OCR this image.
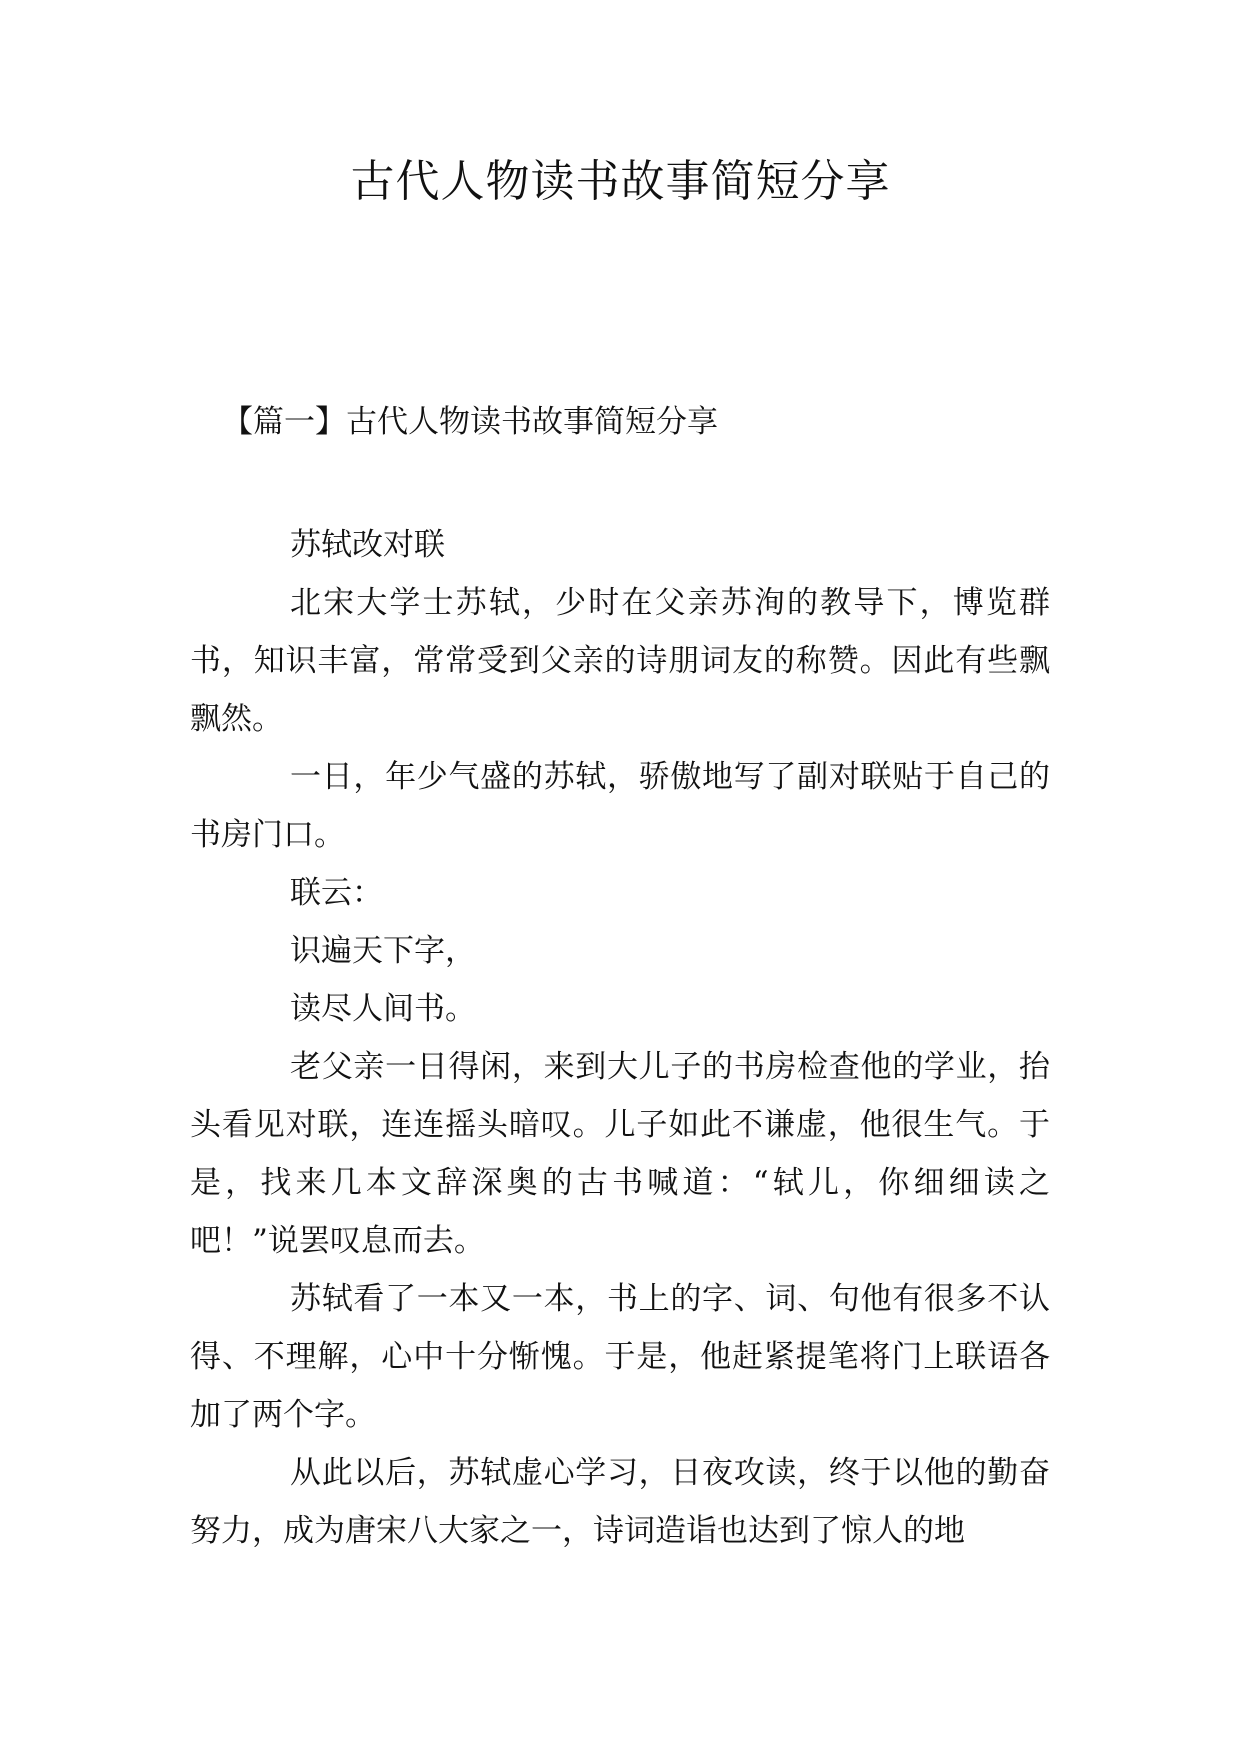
古代人物读书故事简短分享
【篇一】古代人物读书故事简短分享

苏轼改对联

北宋大学士苏轼，少时在父亲苏洵的教导下，博览群书，知识丰富，常常受到父亲的诗朋词友的称赞。因此有些飘飘然。

一日，年少气盛的苏轼，骄傲地写了副对联贴于自己的书房门口。

联云：

识遍天下字，

读尽人间书。

老父亲一日得闲，来到大儿子的书房检查他的学业，抬头看见对联，连连摇头暗叹。儿子如此不谦虚，他很生气。于是，找来几本文辞深奥的古书喊道：“轼儿，你细细读之吧！”说罢叹息而去。

苏轼看了一本又一本，书上的字、词、句他有很多不认得、不理解，心中十分惭愧。于是，他赶紧提笔将门上联语各加了两个字。

从此以后，苏轼虚心学习，日夜攻读，终于以他的勤奋努力，成为唐宋八大家之一，诗词造诣也达到了惊人的地
